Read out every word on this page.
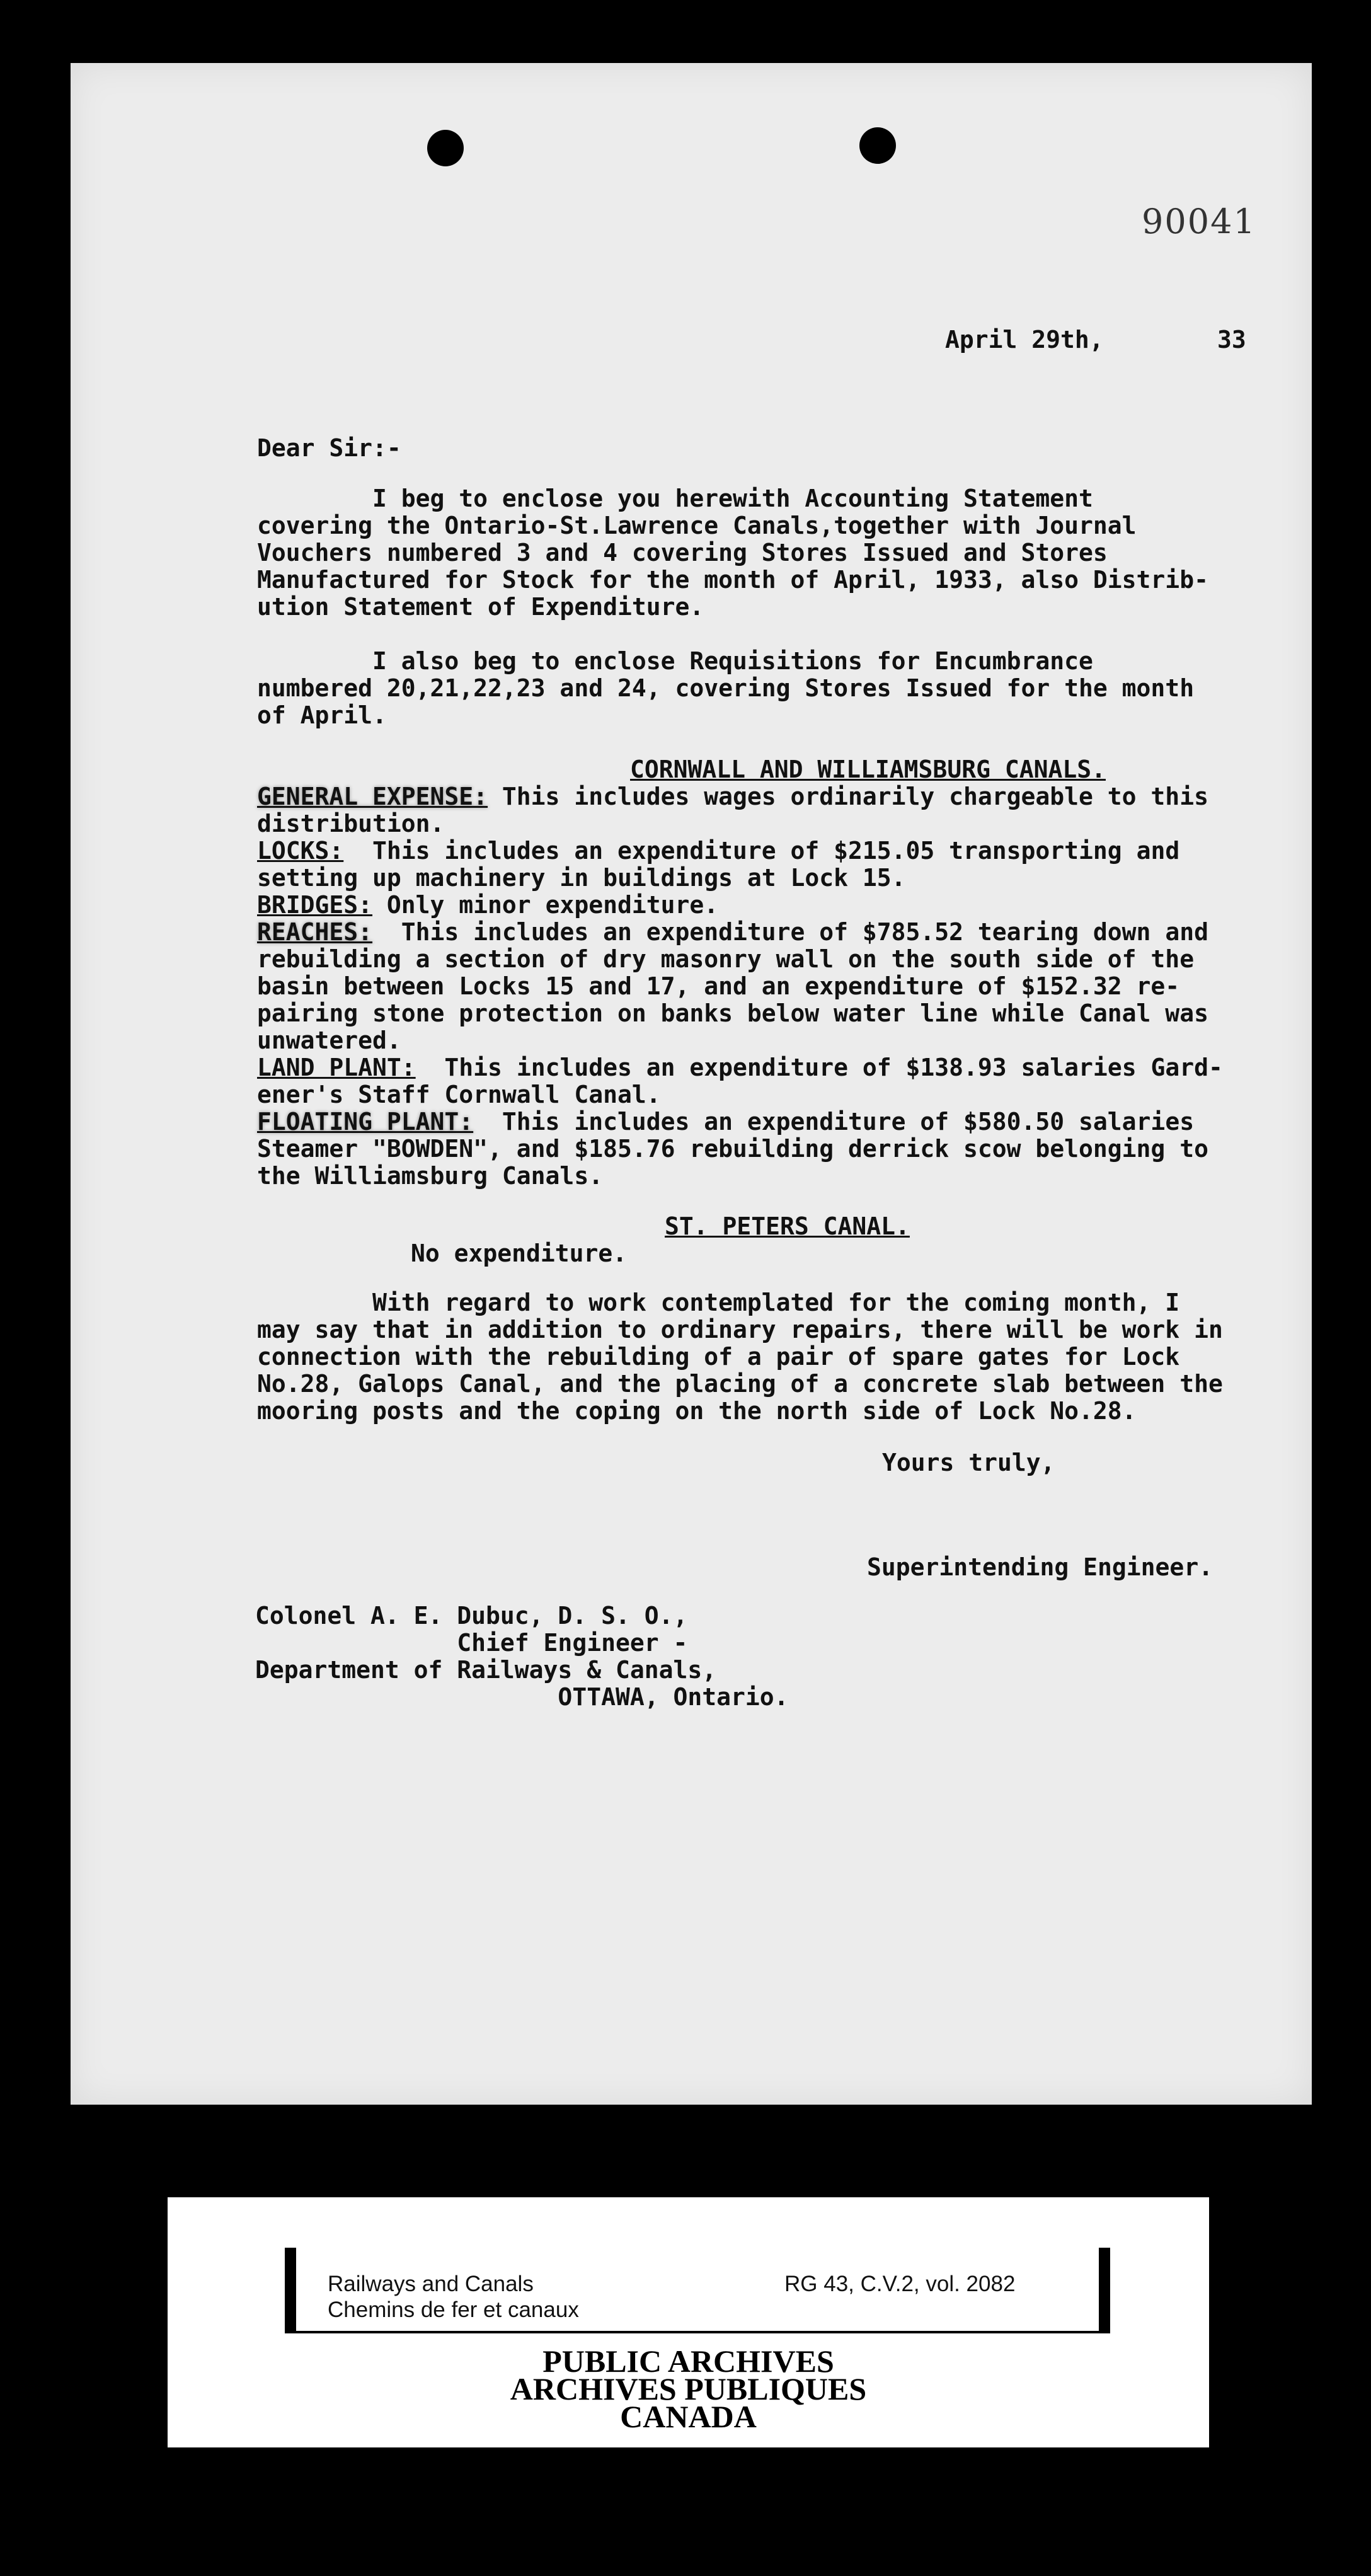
90041
April 29th,	33
Dear Sir:-
I beg to enclose you herewith Accounting Statement
covering the Ontario-St.Lawrence Canals,together with Journal
Vouchers numbered 3 and 4 covering Stores Issued and Stores
Manufactured for Stock for the month of April, 1933, also Distrib-
ution Statement of Expenditure.
I also beg to enclose Requisitions for Encumbrance
numbered 20,21,22,23 and 24, covering Stores Issued for the month
of April.
CORNWALL AND WILLIAMSBURG CANALS.
GENERAL EXPENSE: This includes wages ordinarily chargeable to this
distribution.
LOCKS:  This includes an expenditure of $215.05 transporting and
setting up machinery in buildings at Lock 15.
BRIDGES: Only minor expenditure.
REACHES:  This includes an expenditure of $785.52 tearing down and
rebuilding a section of dry masonry wall on the south side of the
basin between Locks 15 and 17, and an expenditure of $152.32 re-
pairing stone protection on banks below water line while Canal was
unwatered.
LAND PLANT:  This includes an expenditure of $138.93 salaries Gard-
ener's Staff Cornwall Canal.
FLOATING PLANT:  This includes an expenditure of $580.50 salaries
Steamer "BOWDEN", and $185.76 rebuilding derrick scow belonging to
the Williamsburg Canals.
ST. PETERS CANAL.
No expenditure.
With regard to work contemplated for the coming month, I
may say that in addition to ordinary repairs, there will be work in
connection with the rebuilding of a pair of spare gates for Lock
No.28, Galops Canal, and the placing of a concrete slab between the
mooring posts and the coping on the north side of Lock No.28.
Yours truly,
Superintending Engineer.
Colonel A. E. Dubuc, D. S. O.,
Chief Engineer -
Department of Railways & Canals,
OTTAWA, Ontario.
Railways and Canals
Chemins de fer et canaux
RG 43, C.V.2, vol. 2082
PUBLIC ARCHIVES
ARCHIVES PUBLIQUES
CANADA
